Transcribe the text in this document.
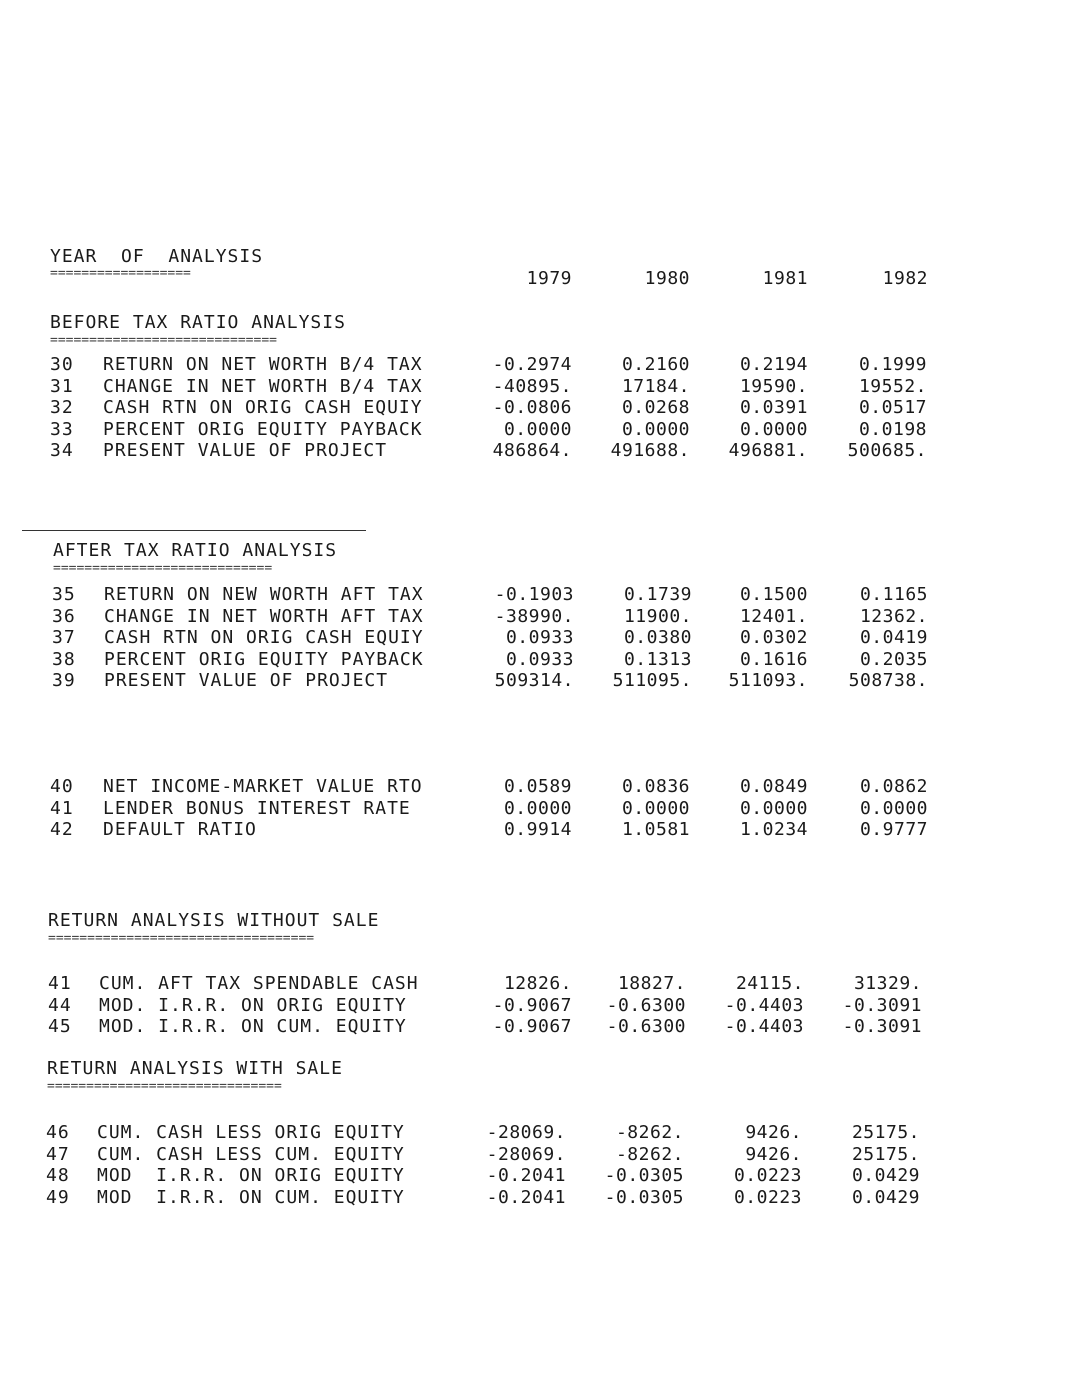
YEAR  OF  ANALYSIS
==================	1979	1980	1981	1982
BEFORE TAX RATIO ANALYSIS
=============================
30 RETURN ON NET WORTH B/4 TAX	-0.2974	0.2160	0.2194	0.1999
31 CHANGE IN NET WORTH B/4 TAX	-40895.	17184.	19590.	19552.
32 CASH RTN ON ORIG CASH EQUIY	-0.0806	0.0268	0.0391	0.0517
33 PERCENT ORIG EQUITY PAYBACK	0.0000	0.0000	0.0000	0.0198
34 PRESENT VALUE OF PROJECT	486864.	491688.	496881.	500685.
AFTER TAX RATIO ANALYSIS
============================
35 RETURN ON NEW WORTH AFT TAX	-0.1903	0.1739	0.1500	0.1165
36 CHANGE IN NET WORTH AFT TAX	-38990.	11900.	12401.	12362.
37 CASH RTN ON ORIG CASH EQUIY	0.0933	0.0380	0.0302	0.0419
38 PERCENT ORIG EQUITY PAYBACK	0.0933	0.1313	0.1616	0.2035
39 PRESENT VALUE OF PROJECT	509314.	511095.	511093.	508738.
40 NET INCOME-MARKET VALUE RTO	0.0589	0.0836	0.0849	0.0862
41 LENDER BONUS INTEREST RATE	0.0000	0.0000	0.0000	0.0000
42 DEFAULT RATIO	0.9914	1.0581	1.0234	0.9777
RETURN ANALYSIS WITHOUT SALE
==================================
41 CUM. AFT TAX SPENDABLE CASH	12826.	18827.	24115.	31329.
44 MOD. I.R.R. ON ORIG EQUITY	-0.9067	-0.6300	-0.4403	-0.3091
45 MOD. I.R.R. ON CUM. EQUITY	-0.9067	-0.6300	-0.4403	-0.3091
RETURN ANALYSIS WITH SALE
==============================
46 CUM. CASH LESS ORIG EQUITY	-28069.	-8262.	9426.	25175.
47 CUM. CASH LESS CUM. EQUITY	-28069.	-8262.	9426.	25175.
48 MOD  I.R.R. ON ORIG EQUITY	-0.2041	-0.0305	0.0223	0.0429
49 MOD  I.R.R. ON CUM. EQUITY	-0.2041	-0.0305	0.0223	0.0429
